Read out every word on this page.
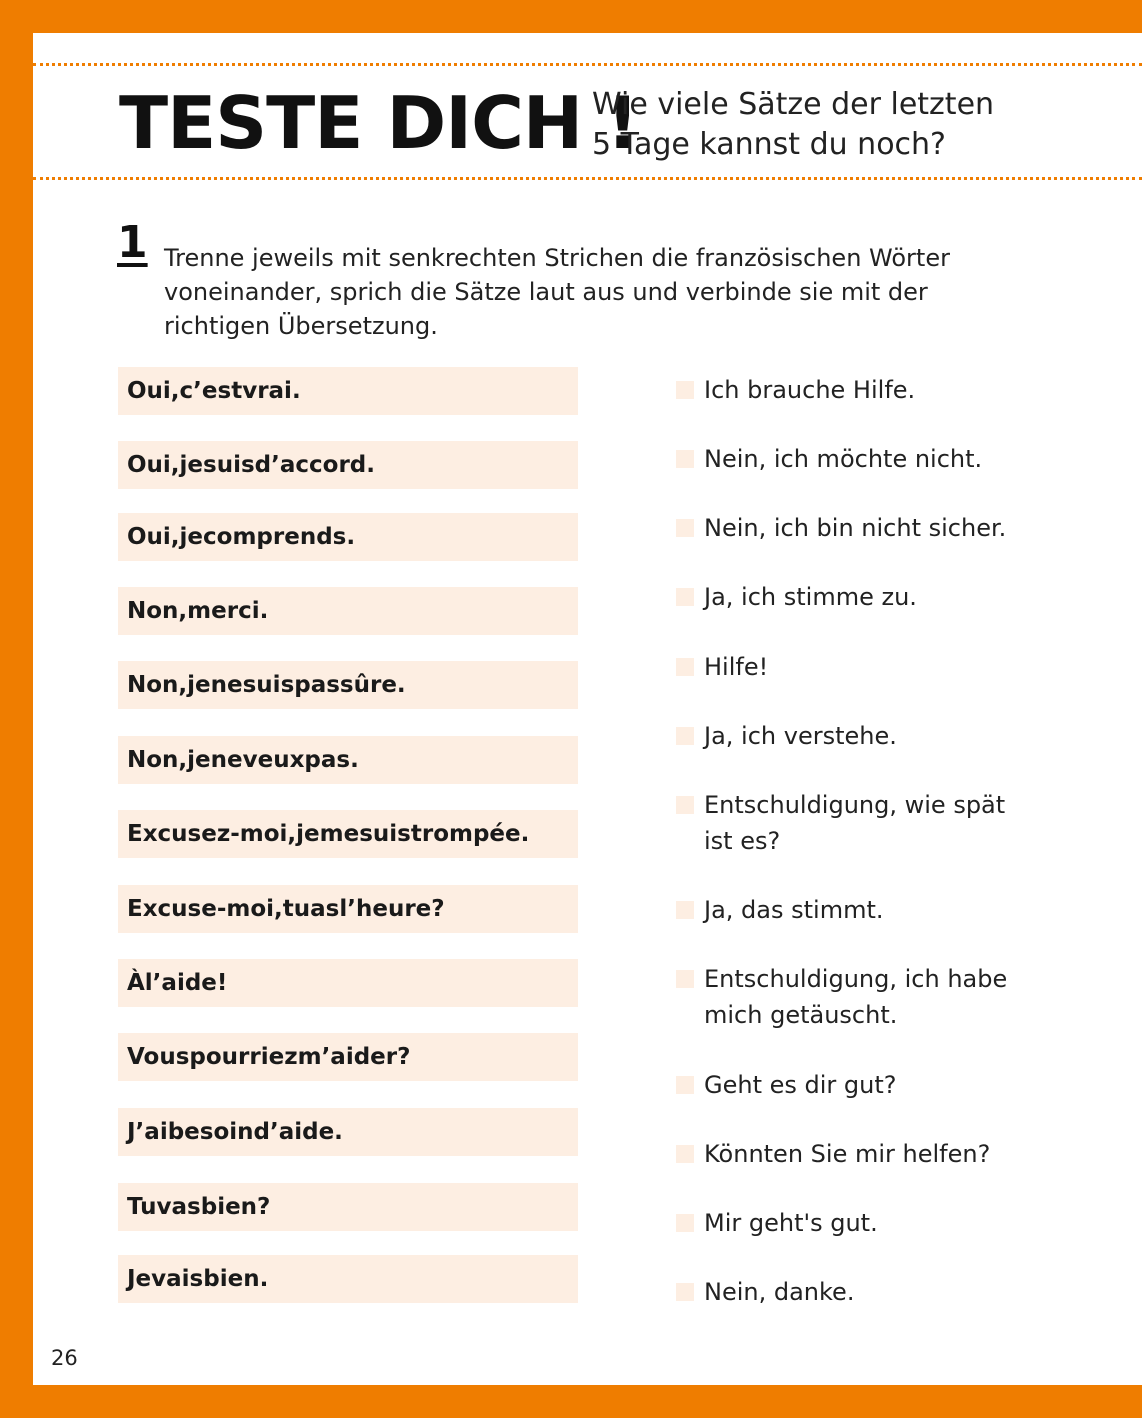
TESTE DICH !
Wie viele Sätze der letzten
5 Tage kannst du noch?
1 Trenne jeweils mit senkrechten Strichen die französischen Wörter voneinander, sprich die Sätze laut aus und verbinde sie mit der richtigen Übersetzung.
Oui,c’estvrai.
Oui,jesuisd’accord.
Oui,jecomprends.
Non,merci.
Non,jenesuispassûre.
Non,jeneveuxpas.
Excusez-moi,jemesuistrompée.
Excuse-moi,tuasl’heure?
Àl’aide!
Vouspourriezm’aider?
J’aibesoind’aide.
Tuvasbien?
Jevaisbien.
Ich brauche Hilfe.
Nein, ich möchte nicht.
Nein, ich bin nicht sicher.
Ja, ich stimme zu.
Hilfe!
Ja, ich verstehe.
Entschuldigung, wie spät ist es?
Ja, das stimmt.
Entschuldigung, ich habe mich getäuscht.
Geht es dir gut?
Könnten Sie mir helfen?
Mir geht's gut.
Nein, danke.
26
